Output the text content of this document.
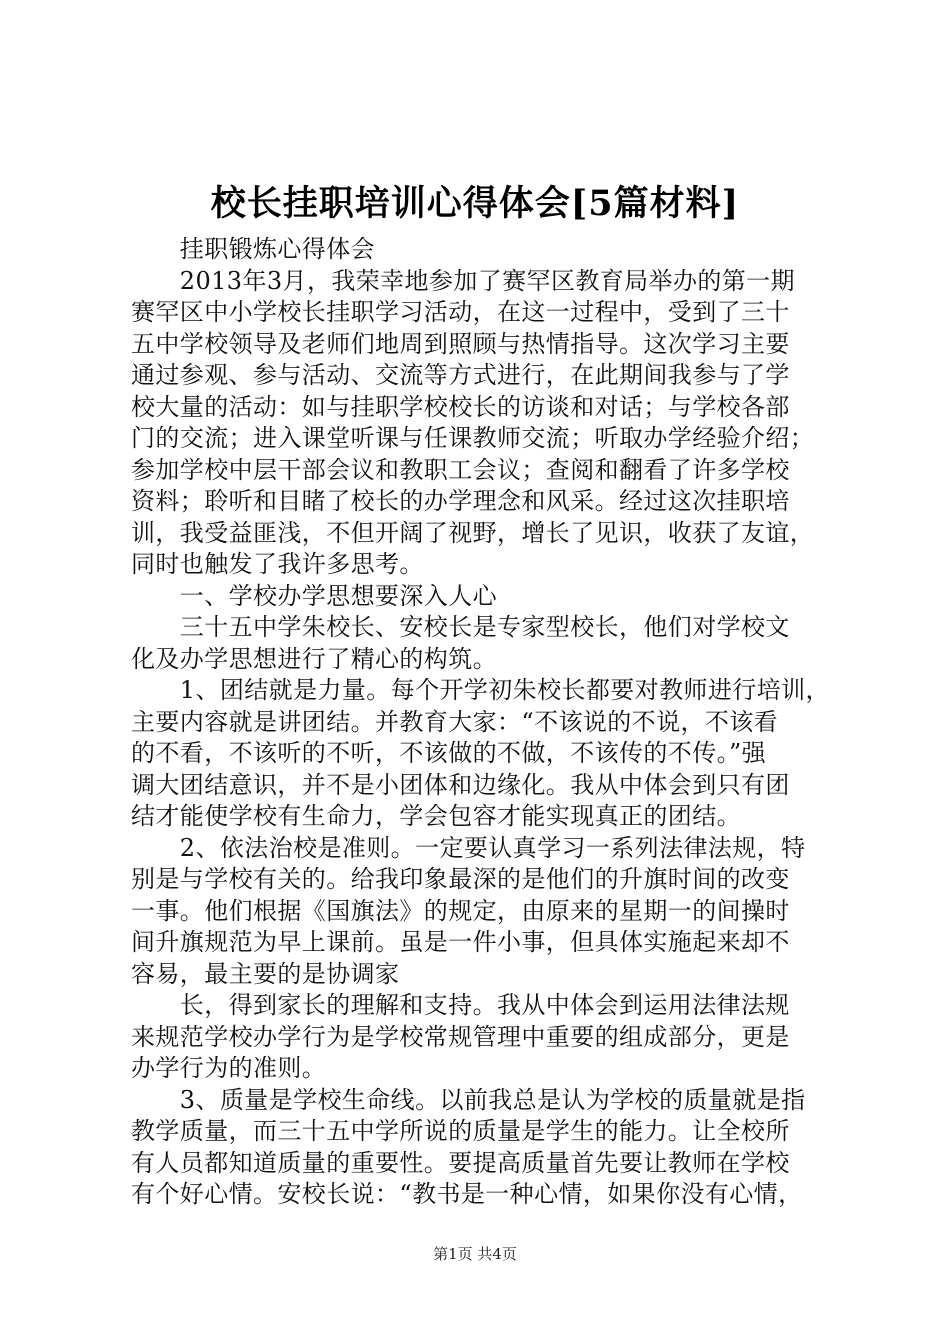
校长挂职培训心得体会[5篇材料]

　　挂职锻炼心得体会

　　2013年3月，我荣幸地参加了赛罕区教育局举办的第一期

赛罕区中小学校长挂职学习活动，在这一过程中，受到了三十

五中学校领导及老师们地周到照顾与热情指导。这次学习主要

通过参观、参与活动、交流等方式进行，在此期间我参与了学

校大量的活动：如与挂职学校校长的访谈和对话；与学校各部

门的交流；进入课堂听课与任课教师交流；听取办学经验介绍；

参加学校中层干部会议和教职工会议；查阅和翻看了许多学校

资料；聆听和目睹了校长的办学理念和风采。经过这次挂职培

训，我受益匪浅，不但开阔了视野，增长了见识，收获了友谊，

同时也触发了我许多思考。

　　一、学校办学思想要深入人心

　　三十五中学朱校长、安校长是专家型校长，他们对学校文

化及办学思想进行了精心的构筑。

　　1、团结就是力量。每个开学初朱校长都要对教师进行培训，

主要内容就是讲团结。并教育大家：“不该说的不说，不该看

的不看，不该听的不听，不该做的不做，不该传的不传。”强

调大团结意识，并不是小团体和边缘化。我从中体会到只有团

结才能使学校有生命力，学会包容才能实现真正的团结。

　　2、依法治校是准则。一定要认真学习一系列法律法规，特

别是与学校有关的。给我印象最深的是他们的升旗时间的改变

一事。他们根据《国旗法》的规定，由原来的星期一的间操时

间升旗规范为早上课前。虽是一件小事，但具体实施起来却不

容易，最主要的是协调家

　　长，得到家长的理解和支持。我从中体会到运用法律法规

来规范学校办学行为是学校常规管理中重要的组成部分，更是

办学行为的准则。

　　3、质量是学校生命线。以前我总是认为学校的质量就是指

教学质量，而三十五中学所说的质量是学生的能力。让全校所

有人员都知道质量的重要性。要提高质量首先要让教师在学校

有个好心情。安校长说：“教书是一种心情，如果你没有心情，

第1页 共4页
